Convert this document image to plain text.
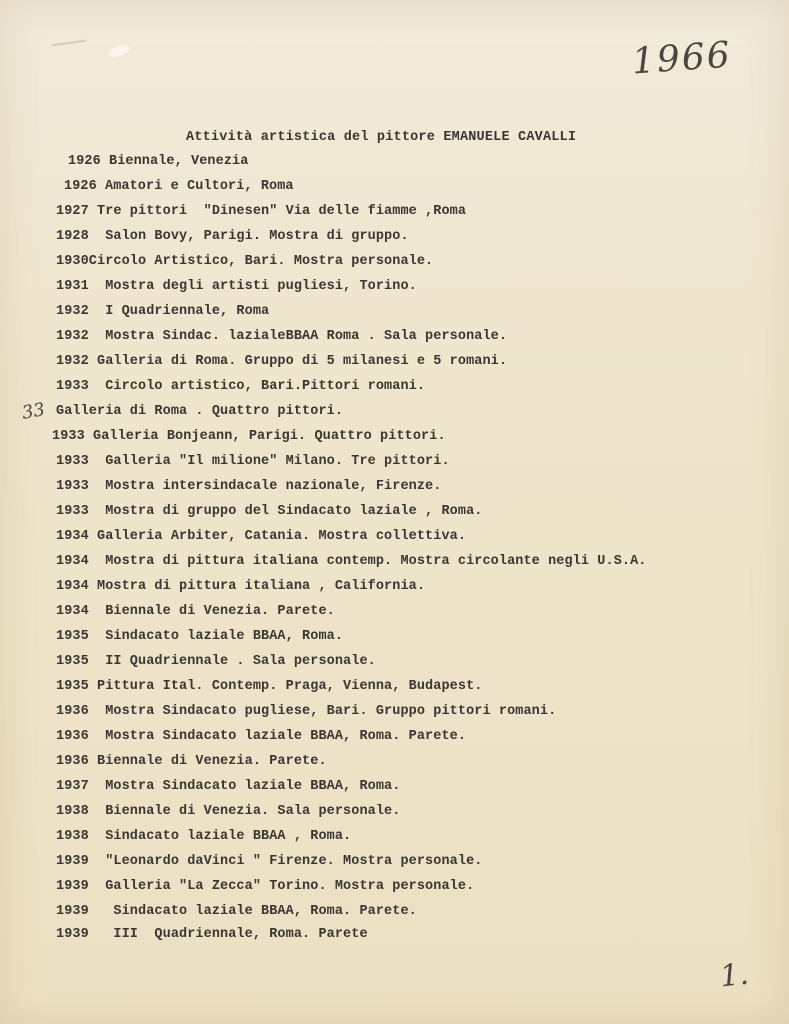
1966
Attività artistica del pittore EMANUELE CAVALLI
33
1926 Biennale, Venezia
1926 Amatori e Cultori, Roma
1927 Tre pittori  "Dinesen" Via delle fiamme ,Roma
1928  Salon Bovy, Parigi. Mostra di gruppo.
1930Circolo Artistico, Bari. Mostra personale.
1931  Mostra degli artisti pugliesi, Torino.
1932  I Quadriennale, Roma
1932  Mostra Sindac. lazialeBBAA Roma . Sala personale.
1932 Galleria di Roma. Gruppo di 5 milanesi e 5 romani.
1933  Circolo artistico, Bari.Pittori romani.
Galleria di Roma . Quattro pittori.
1933 Galleria Bonjeann, Parigi. Quattro pittori.
1933  Galleria "Il milione" Milano. Tre pittori.
1933  Mostra intersindacale nazionale, Firenze.
1933  Mostra di gruppo del Sindacato laziale , Roma.
1934 Galleria Arbiter, Catania. Mostra collettiva.
1934  Mostra di pittura italiana contemp. Mostra circolante negli U.S.A.
1934 Mostra di pittura italiana , California.
1934  Biennale di Venezia. Parete.
1935  Sindacato laziale BBAA, Roma.
1935  II Quadriennale . Sala personale.
1935 Pittura Ital. Contemp. Praga, Vienna, Budapest.
1936  Mostra Sindacato pugliese, Bari. Gruppo pittori romani.
1936  Mostra Sindacato laziale BBAA, Roma. Parete.
1936 Biennale di Venezia. Parete.
1937  Mostra Sindacato laziale BBAA, Roma.
1938  Biennale di Venezia. Sala personale.
1938  Sindacato laziale BBAA , Roma.
1939  "Leonardo daVinci " Firenze. Mostra personale.
1939  Galleria "La Zecca" Torino. Mostra personale.
1939   Sindacato laziale BBAA, Roma. Parete.
1939   III  Quadriennale, Roma. Parete
1.
